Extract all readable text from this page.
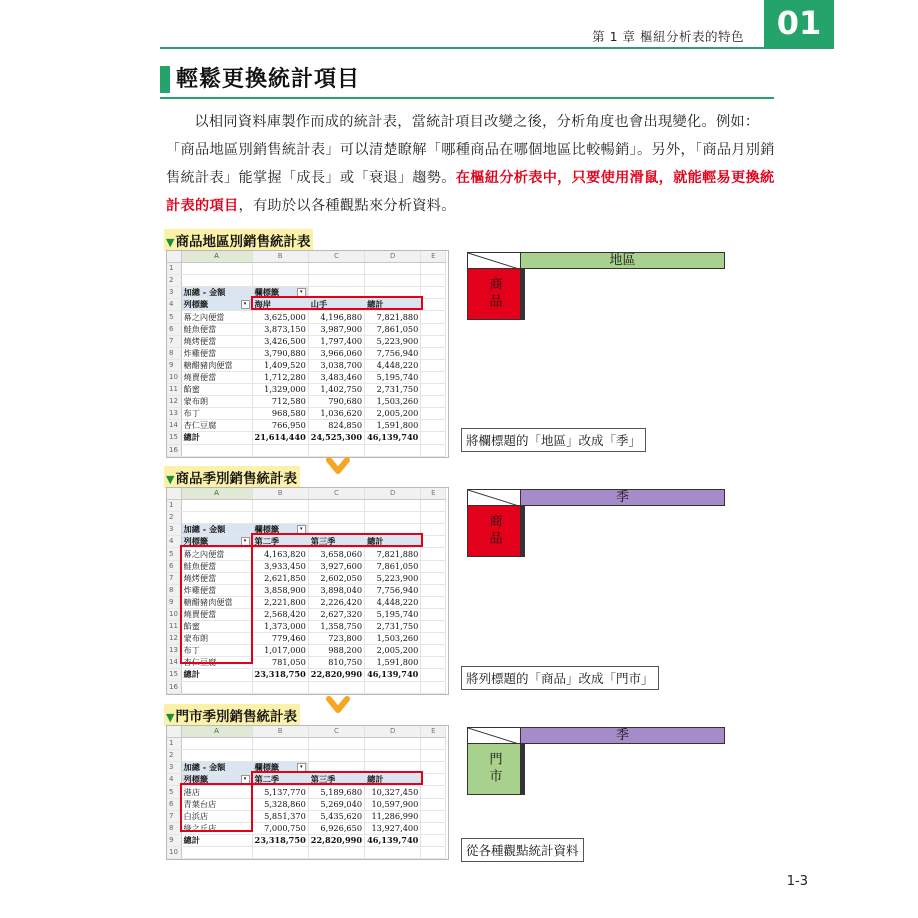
第 1 章 樞紐分析表的特色	01
輕鬆更換統計項目
以相同資料庫製作而成的統計表，當統計項目改變之後，分析角度也會出現變化。例如：「商品地區別銷售統計表」可以清楚瞭解「哪種商品在哪個地區比較暢銷」。另外，「商品月別銷售統計表」能掌握「成長」或「衰退」趨勢。在樞紐分析表中，只要使用滑鼠，就能輕易更換統計表的項目，有助於以各種觀點來分析資料。
▼商品地區別銷售統計表
	A	B	C	D	E
1					
2					
3	加總 - 金額	欄標籤 ▾			

4	列標籤 ▾	海岸	山手	總計	
5	幕之內便當	3,625,000	4,196,880	7,821,880	
6	鮭魚便當	3,873,150	3,987,900	7,861,050	
7	燒烤便當	3,426,500	1,797,400	5,223,900	
8	炸雞便當	3,790,880	3,966,060	7,756,940	
9	糖醋豬肉便當	1,409,520	3,038,700	4,448,220	
10	燒賣便當	1,712,280	3,483,460	5,195,740	
11	餡蜜	1,329,000	1,402,750	2,731,750	
12	蒙布朗	712,580	790,680	1,503,260	
13	布丁	968,580	1,036,620	2,005,200	
14	杏仁豆腐	766,950	824,850	1,591,800	
15	總計	21,614,440	24,525,300	46,139,740	
16					
地區
商品

將欄標題的「地區」改成「季」
▼商品季別銷售統計表
	A	B	C	D	E
1					
2					
3	加總 - 金額	欄標籤 ▾			

4	列標籤 ▾	第二季	第三季	總計	
5	幕之內便當	4,163,820	3,658,060	7,821,880	
6	鮭魚便當	3,933,450	3,927,600	7,861,050	
7	燒烤便當	2,621,850	2,602,050	5,223,900	
8	炸雞便當	3,858,900	3,898,040	7,756,940	
9	糖醋豬肉便當	2,221,800	2,226,420	4,448,220	
10	燒賣便當	2,568,420	2,627,320	5,195,740	
11	餡蜜	1,373,000	1,358,750	2,731,750	
12	蒙布朗	779,460	723,800	1,503,260	
13	布丁	1,017,000	988,200	2,005,200	
14	杏仁豆腐	781,050	810,750	1,591,800	
15	總計	23,318,750	22,820,990	46,139,740	
16					
季
商品

將列標題的「商品」改成「門市」
▼門市季別銷售統計表
	A	B	C	D	E
1					
2					
3	加總 - 金額	欄標籤 ▾			

4	列標籤 ▾	第二季	第三季	總計	
5	港店	5,137,770	5,189,680	10,327,450	
6	青葉台店	5,328,860	5,269,040	10,597,900	
7	白浜店	5,851,370	5,435,620	11,286,990	
8	綠之丘店	7,000,750	6,926,650	13,927,400	
9	總計	23,318,750	22,820,990	46,139,740	
10					
季
門市

從各種觀點統計資料
1-3
